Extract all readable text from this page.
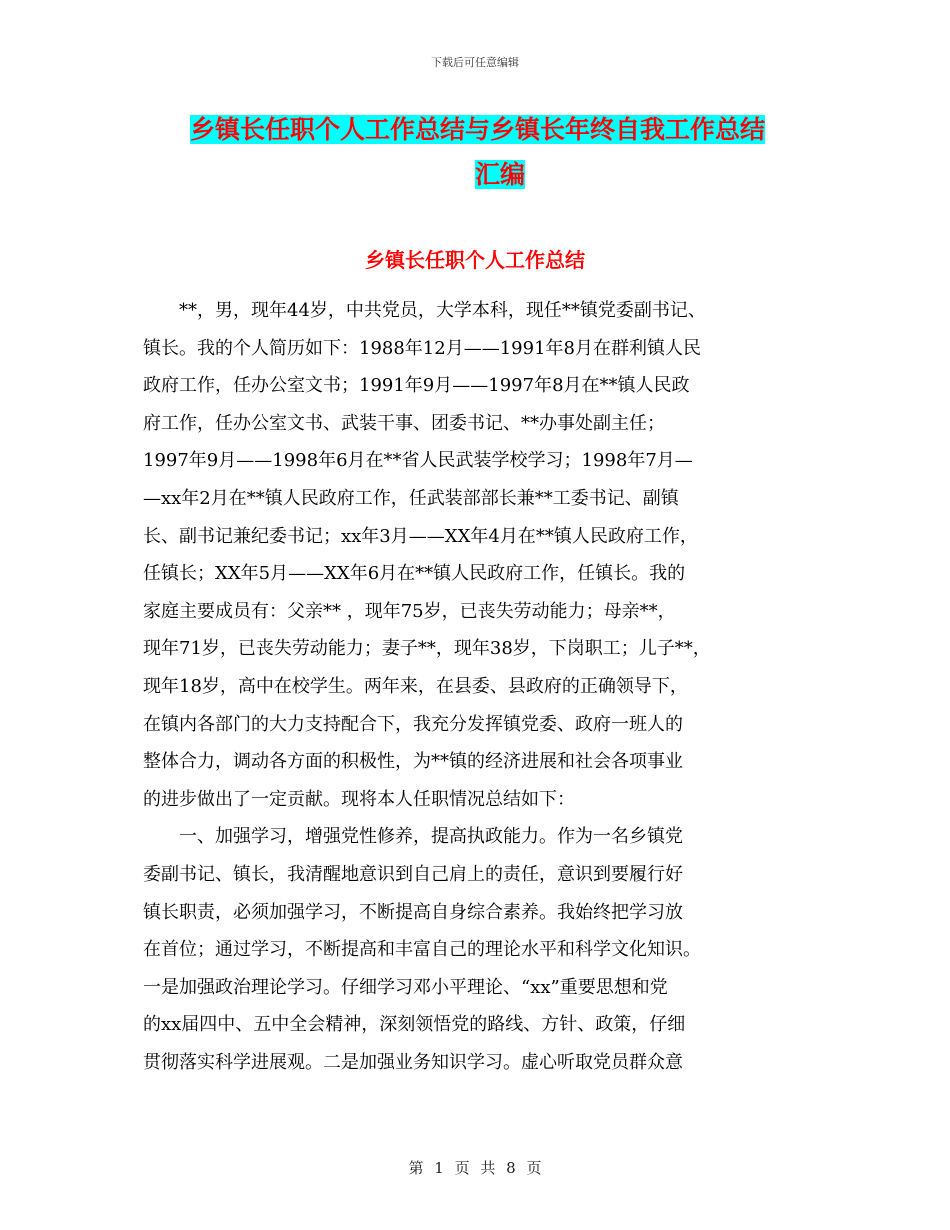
下载后可任意编辑
乡镇长任职个人工作总结与乡镇长年终自我工作总结
汇编
乡镇长任职个人工作总结
　　**，男，现年44岁，中共党员，大学本科，现任**镇党委副书记、
镇长。我的个人简历如下：1988年12月——1991年8月在群利镇人民
政府工作，任办公室文书；1991年9月——1997年8月在**镇人民政
府工作，任办公室文书、武装干事、团委书记、**办事处副主任；
1997年9月——1998年6月在**省人民武装学校学习；1998年7月—
—xx年2月在**镇人民政府工作，任武装部部长兼**工委书记、副镇
长、副书记兼纪委书记；xx年3月——XX年4月在**镇人民政府工作，
任镇长；XX年5月——XX年6月在**镇人民政府工作，任镇长。我的
家庭主要成员有：父亲** ，现年75岁，已丧失劳动能力；母亲**，
现年71岁，已丧失劳动能力；妻子**，现年38岁，下岗职工；儿子**，
现年18岁，高中在校学生。两年来，在县委、县政府的正确领导下，
在镇内各部门的大力支持配合下，我充分发挥镇党委、政府一班人的
整体合力，调动各方面的积极性，为**镇的经济进展和社会各项事业
的进步做出了一定贡献。现将本人任职情况总结如下：
　　一、加强学习，增强党性修养，提高执政能力。作为一名乡镇党
委副书记、镇长，我清醒地意识到自己肩上的责任，意识到要履行好
镇长职责，必须加强学习，不断提高自身综合素养。我始终把学习放
在首位；通过学习，不断提高和丰富自己的理论水平和科学文化知识。
一是加强政治理论学习。仔细学习邓小平理论、“xx”重要思想和党
的xx届四中、五中全会精神，深刻领悟党的路线、方针、政策，仔细
贯彻落实科学进展观。二是加强业务知识学习。虚心听取党员群众意
第 1 页 共 8 页
